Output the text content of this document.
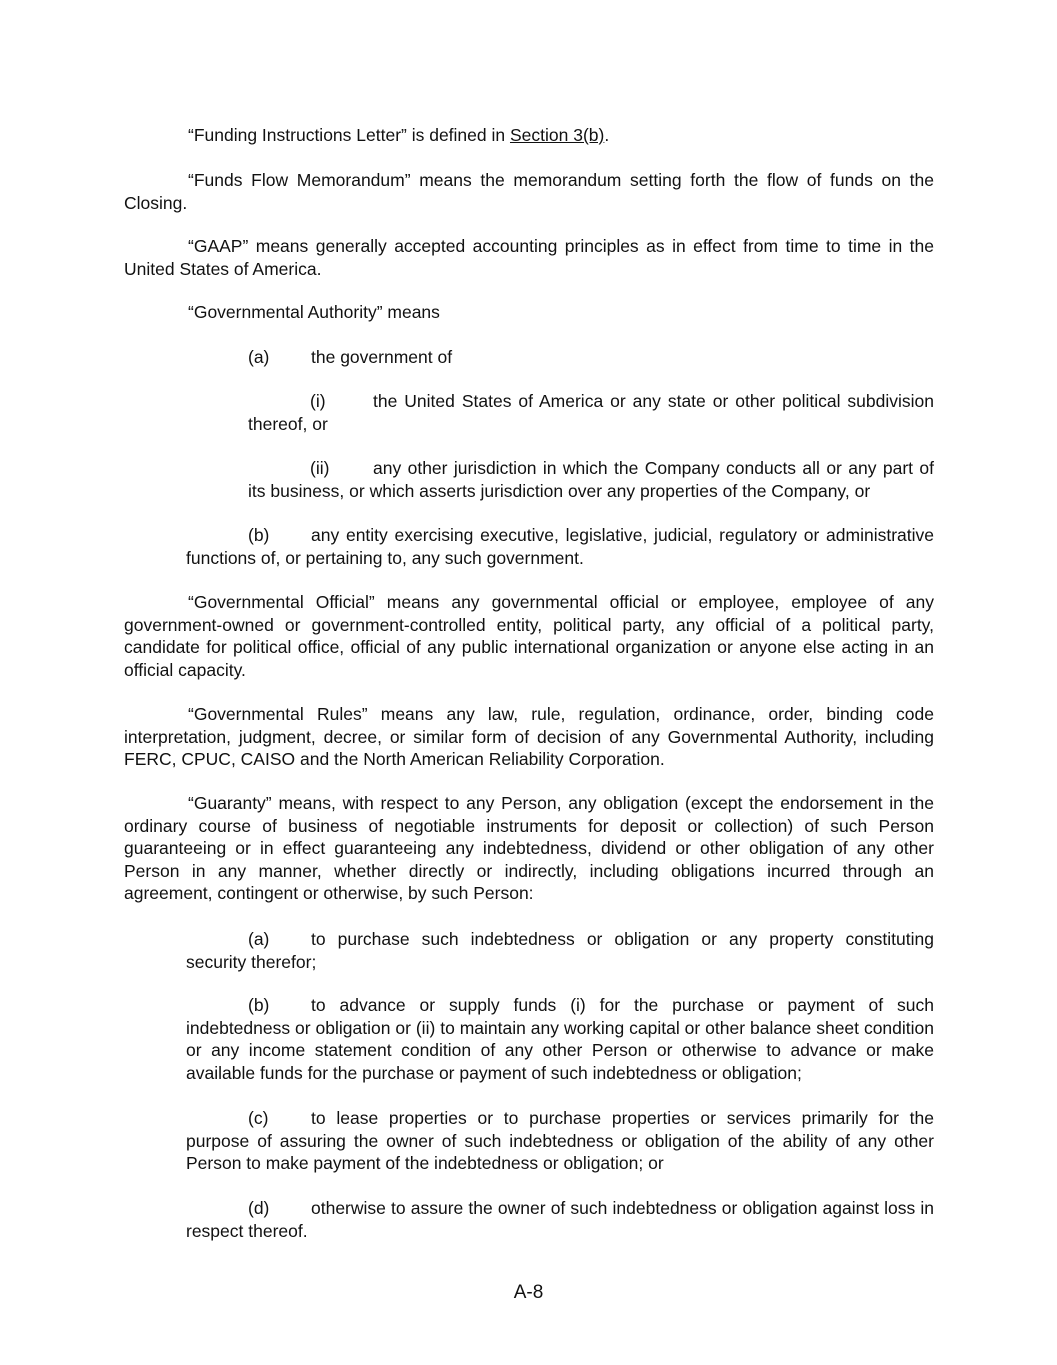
“Funding Instructions Letter” is defined in Section 3(b).

“Funds Flow Memorandum” means the memorandum setting forth the flow of funds on the Closing.

“GAAP” means generally accepted accounting principles as in effect from time to time in the United States of America.

“Governmental Authority” means

(a) the government of

(i)	the United States of America or any state or other political subdivision thereof, or

(ii) any other jurisdiction in which the Company conducts all or any part of its business, or which asserts jurisdiction over any properties of the Company, or

(b) any entity exercising executive, legislative, judicial, regulatory or administrative functions of, or pertaining to, any such government.

“Governmental Official” means any governmental official or employee, employee of any government-owned or government-controlled entity, political party, any official of a political party, candidate for political office, official of any public international organization or anyone else acting in an official capacity.

“Governmental Rules” means any law, rule, regulation, ordinance, order, binding code interpretation, judgment, decree, or similar form of decision of any Governmental Authority, including FERC, CPUC, CAISO and the North American Reliability Corporation.

“Guaranty” means, with respect to any Person, any obligation (except the endorsement in the ordinary course of business of negotiable instruments for deposit or collection) of such Person guaranteeing or in effect guaranteeing any indebtedness, dividend or other obligation of any other Person in any manner, whether directly or indirectly, including obligations incurred through an agreement, contingent or otherwise, by such Person:

(a) to purchase such indebtedness or obligation or any property constituting security therefor;

(b) to advance or supply funds (i) for the purchase or payment of such indebtedness or obligation or (ii) to maintain any working capital or other balance sheet condition or any income statement condition of any other Person or otherwise to advance or make available funds for the purchase or payment of such indebtedness or obligation;

(c) to lease properties or to purchase properties or services primarily for the purpose of assuring the owner of such indebtedness or obligation of the ability of any other Person to make payment of the indebtedness or obligation; or

(d) otherwise to assure the owner of such indebtedness or obligation against loss in respect thereof.

A-8
